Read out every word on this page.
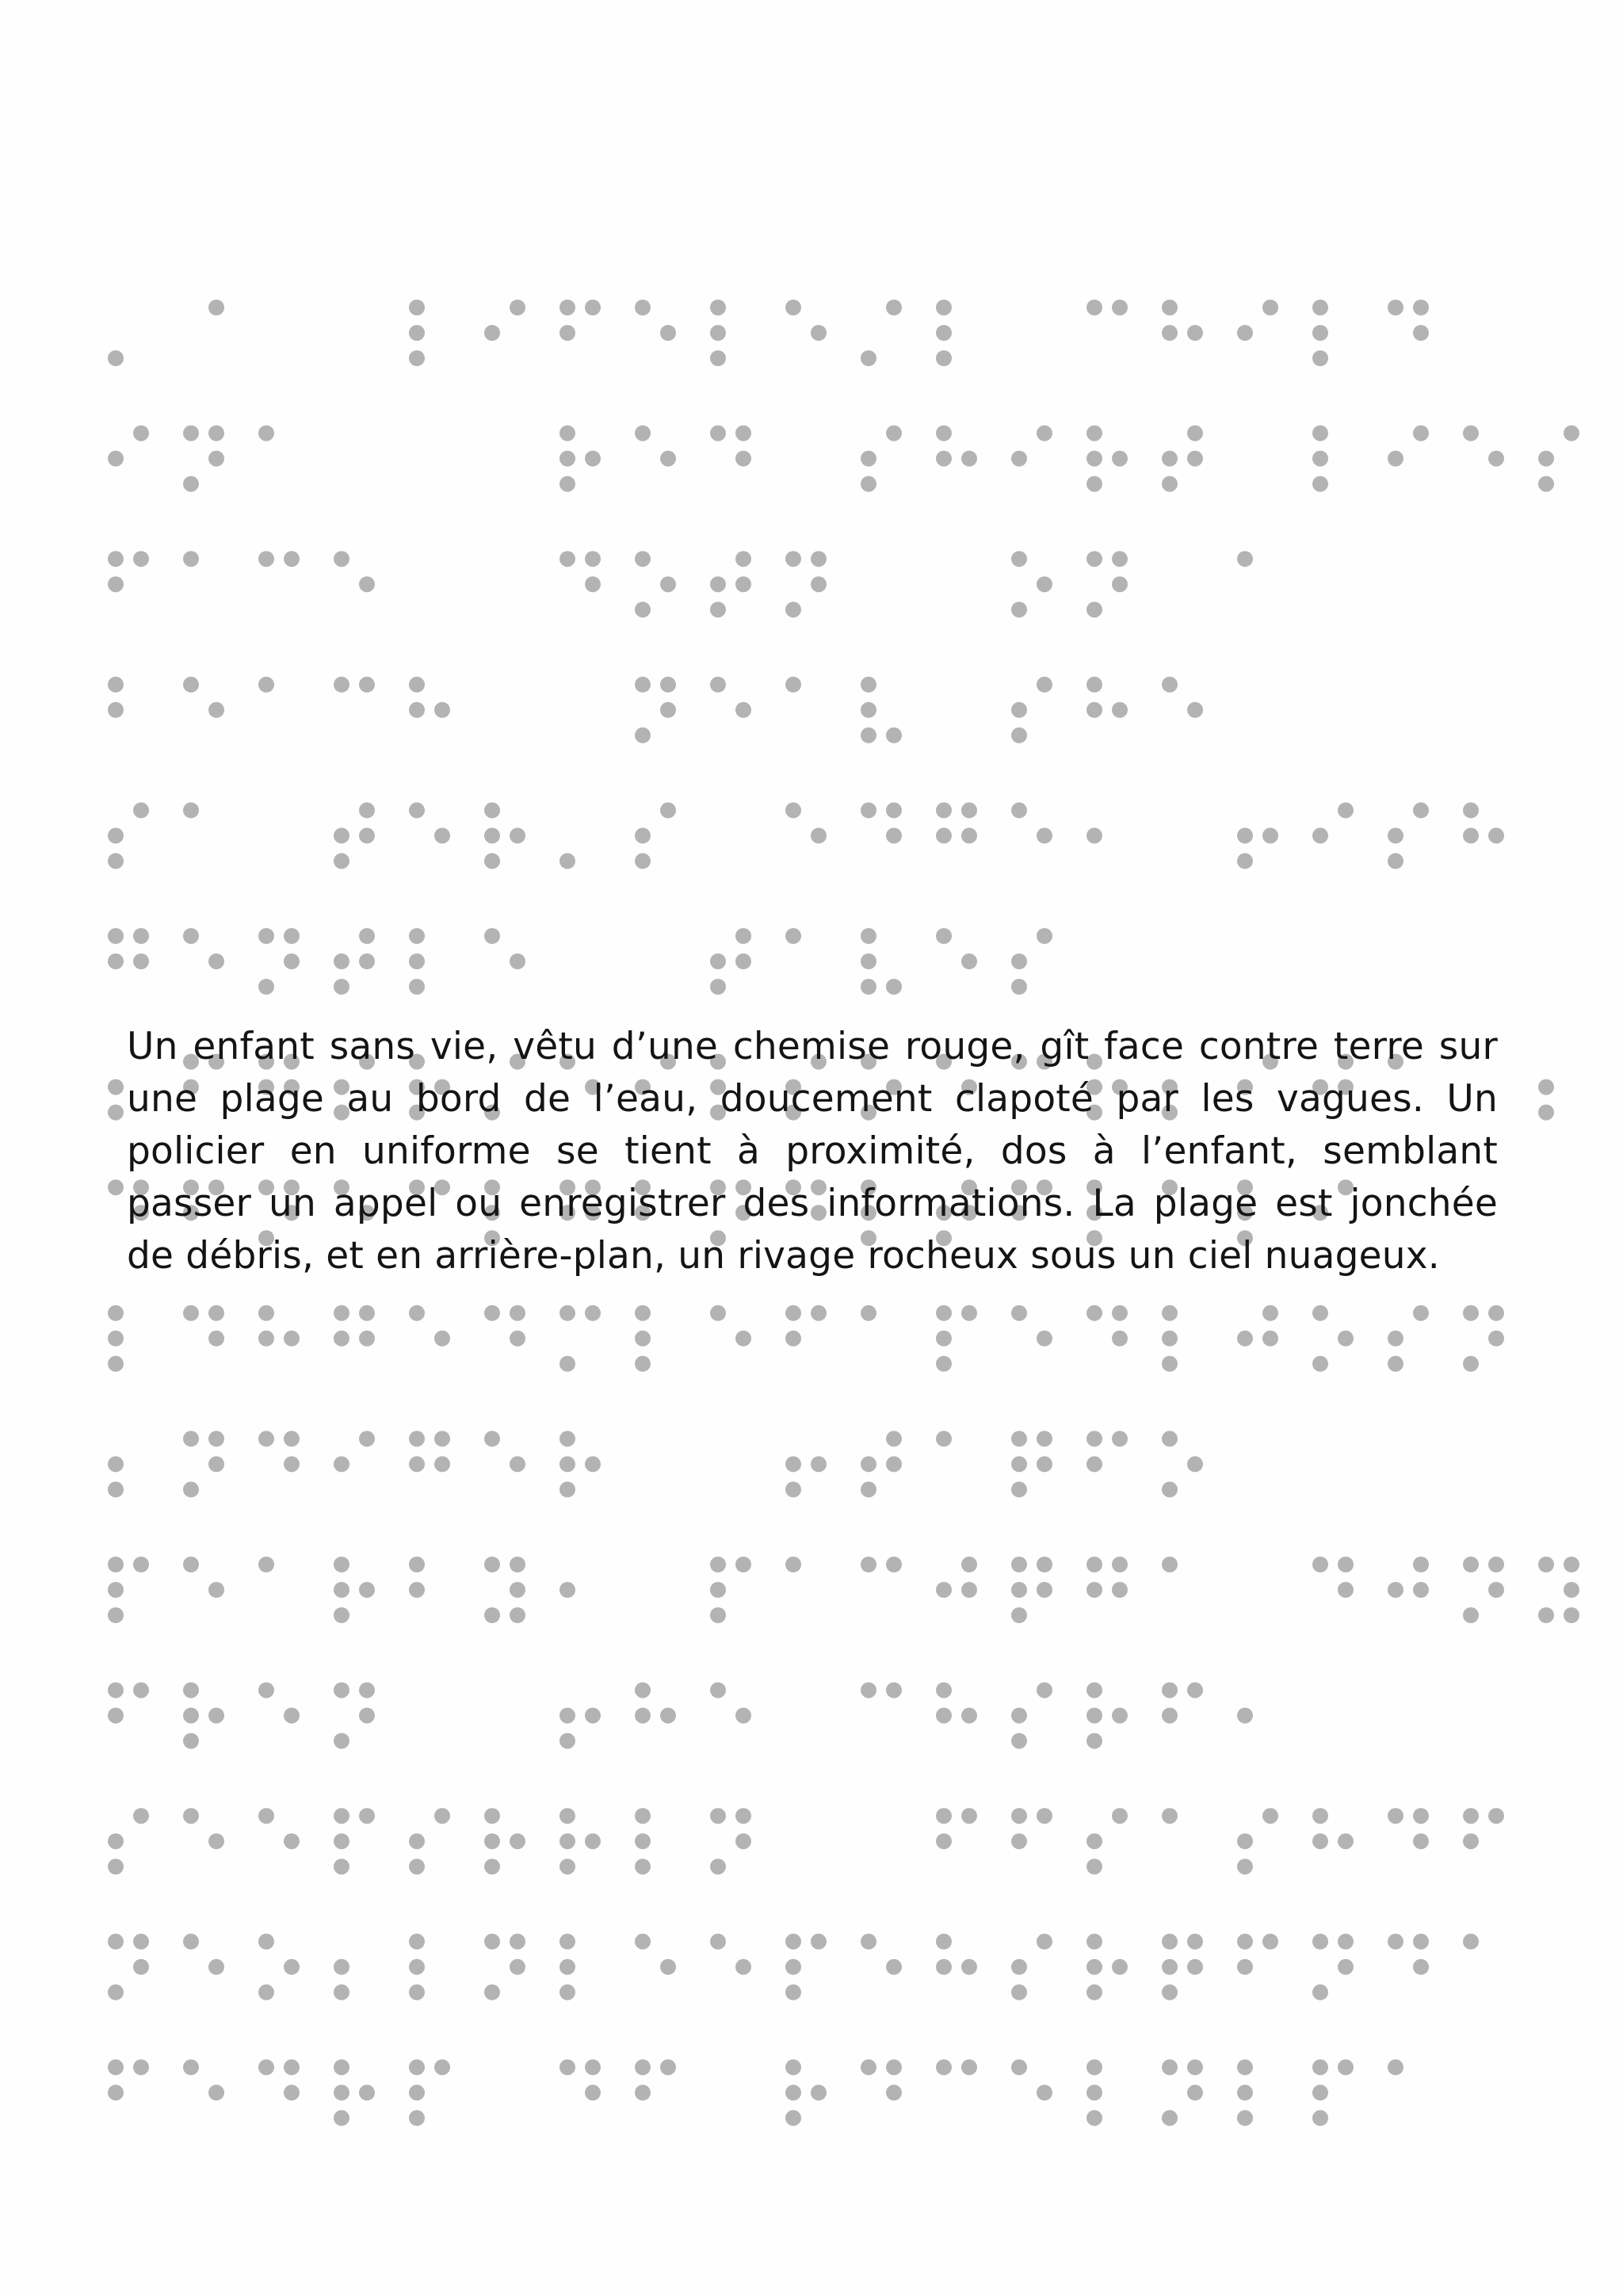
Un enfant sans vie, vêtu d’une chemise rouge, gît face contre terre sur une plage au bord de l’eau, doucement clapoté par les vagues. Un policier en uniforme se tient à proximité, dos à l’enfant, semblant passer un appel ou enregistrer des informations. La plage est jonchée de débris, et en arrière-plan, un rivage rocheux sous un ciel nuageux.
